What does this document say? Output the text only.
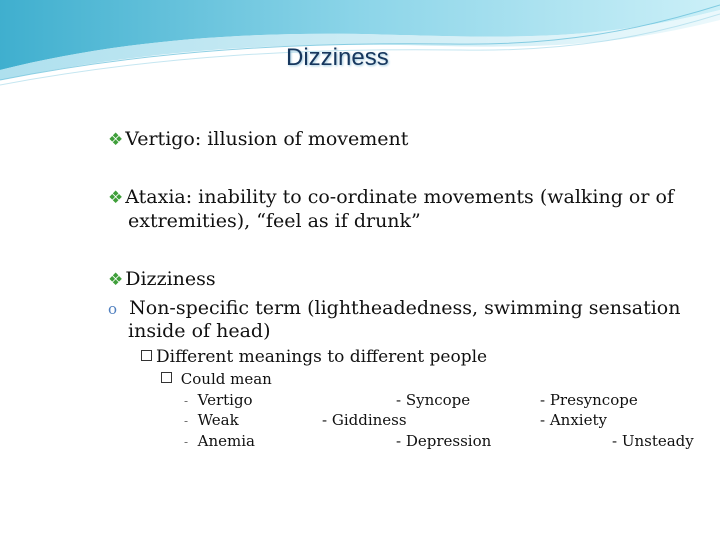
Dizziness
❖ Vertigo: illusion of movement
❖ Ataxia: inability to co-ordinate movements (walking or of
extremities), “feel as if drunk”
❖ Dizziness
o Non-specific term (lightheadedness, swimming sensation
inside of head)
Different meanings to different people
Could mean
- Vertigo
- Weak
- Anemia
- Syncope
- Giddiness
- Depression
- Presyncope
- Anxiety
- Unsteady
